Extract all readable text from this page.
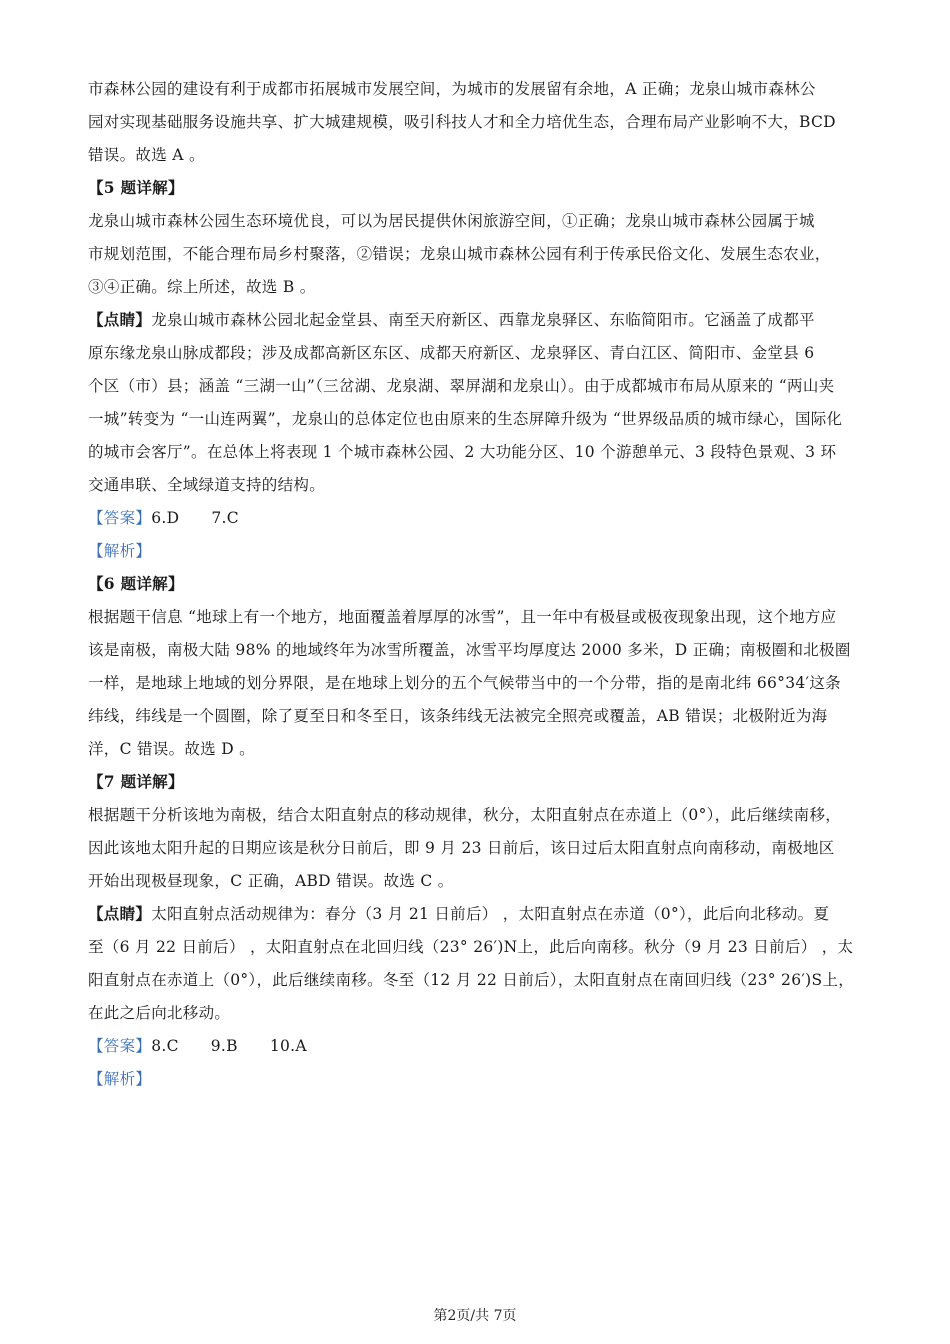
市森林公园的建设有利于成都市拓展城市发展空间，为城市的发展留有余地，A 正确；龙泉山城市森林公
园对实现基础服务设施共享、扩大城建规模，吸引科技人才和全力培优生态，合理布局产业影响不大，BCD
错误。故选 A 。
【5 题详解】
龙泉山城市森林公园生态环境优良，可以为居民提供休闲旅游空间，①正确；龙泉山城市森林公园属于城
市规划范围，不能合理布局乡村聚落，②错误；龙泉山城市森林公园有利于传承民俗文化、发展生态农业，
③④正确。综上所述，故选 B 。
【点睛】龙泉山城市森林公园北起金堂县、南至天府新区、西靠龙泉驿区、东临简阳市。它涵盖了成都平
原东缘龙泉山脉成都段；涉及成都高新区东区、成都天府新区、龙泉驿区、青白江区、简阳市、金堂县 6
个区（市）县；涵盖 “三湖一山”（三岔湖、龙泉湖、翠屏湖和龙泉山）。由于成都城市布局从原来的 “两山夹
一城”转变为 “一山连两翼”，龙泉山的总体定位也由原来的生态屏障升级为 “世界级品质的城市绿心，国际化
的城市会客厅”。在总体上将表现 1 个城市森林公园、2 大功能分区、10 个游憩单元、3 段特色景观、3 环
交通串联、全域绿道支持的结构。
【答案】6.D 7.C
【解析】
【6 题详解】
根据题干信息 “地球上有一个地方，地面覆盖着厚厚的冰雪”，且一年中有极昼或极夜现象出现，这个地方应
该是南极，南极大陆 98% 的地域终年为冰雪所覆盖，冰雪平均厚度达 2000 多米，D 正确；南极圈和北极圈
一样，是地球上地域的划分界限，是在地球上划分的五个气候带当中的一个分带，指的是南北纬 66°34′这条
纬线，纬线是一个圆圈，除了夏至日和冬至日，该条纬线无法被完全照亮或覆盖，AB 错误；北极附近为海
洋，C 错误。故选 D 。
【7 题详解】
根据题干分析该地为南极，结合太阳直射点的移动规律，秋分，太阳直射点在赤道上（0°），此后继续南移，
因此该地太阳升起的日期应该是秋分日前后，即 9 月 23 日前后，该日过后太阳直射点向南移动，南极地区
开始出现极昼现象，C 正确，ABD 错误。故选 C 。
【点睛】太阳直射点活动规律为：春分（3 月 21 日前后） ，太阳直射点在赤道（0°），此后向北移动。夏
至（6 月 22 日前后） ，太阳直射点在北回归线（23° 26′)N上，此后向南移。秋分（9 月 23 日前后） ，太
阳直射点在赤道上（0°），此后继续南移。冬至（12 月 22 日前后），太阳直射点在南回归线（23° 26′)S上，
在此之后向北移动。
【答案】8.C 9.B 10.A
【解析】
第2页/共 7页
